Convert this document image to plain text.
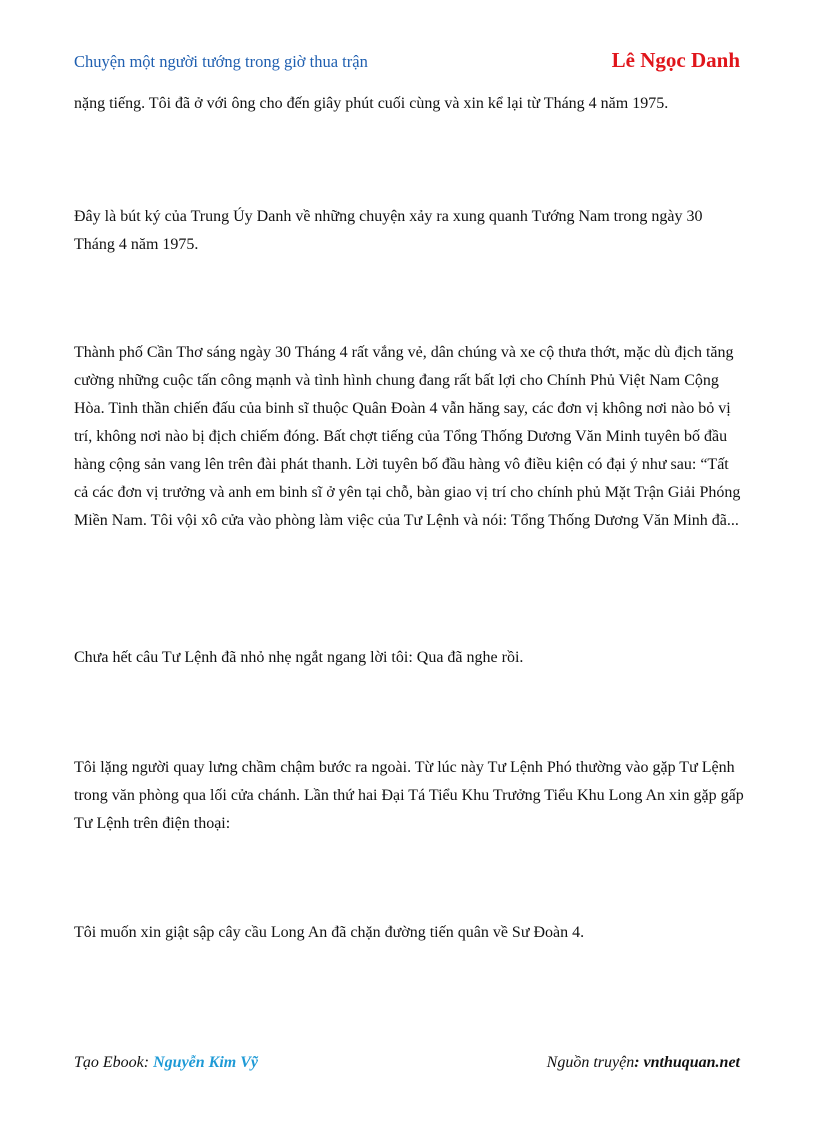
Chuyện một người tướng trong giờ thua trận	Lê Ngọc Danh

nặng tiếng. Tôi đã ở với ông cho đến giây phút cuối cùng và xin kể lại từ Tháng 4 năm 1975.

Đây là bút ký của Trung Úy Danh về những chuyện xảy ra xung quanh Tướng Nam trong ngày 30 Tháng 4 năm 1975.

Thành phố Cần Thơ sáng ngày 30 Tháng 4 rất vắng vẻ, dân chúng và xe cộ thưa thớt, mặc dù địch tăng cường những cuộc tấn công mạnh và tình hình chung đang rất bất lợi cho Chính Phủ Việt Nam Cộng Hòa. Tinh thần chiến đấu của binh sĩ thuộc Quân Đoàn 4 vẫn hăng say, các đơn vị không nơi nào bỏ vị trí, không nơi nào bị địch chiếm đóng. Bất chợt tiếng của Tổng Thống Dương Văn Minh tuyên bố đầu hàng cộng sản vang lên trên đài phát thanh. Lời tuyên bố đầu hàng vô điều kiện có đại ý như sau: “Tất cả các đơn vị trưởng và anh em binh sĩ ở yên tại chỗ, bàn giao vị trí cho chính phủ Mặt Trận Giải Phóng Miền Nam. Tôi vội xô cửa vào phòng làm việc của Tư Lệnh và nói: Tổng Thống Dương Văn Minh đã...

Chưa hết câu Tư Lệnh đã nhỏ nhẹ ngắt ngang lời tôi: Qua đã nghe rồi.

Tôi lặng người quay lưng chầm chậm bước ra ngoài. Từ lúc này Tư Lệnh Phó thường vào gặp Tư Lệnh trong văn phòng qua lối cửa chánh. Lần thứ hai Đại Tá Tiểu Khu Trưởng Tiểu Khu Long An xin gặp gấp Tư Lệnh trên điện thoại:

Tôi muốn xin giật sập cây cầu Long An đã chặn đường tiến quân về Sư Đoàn 4.

Tạo Ebook: Nguyễn Kim Vỹ	Nguồn truyện: vnthuquan.net
